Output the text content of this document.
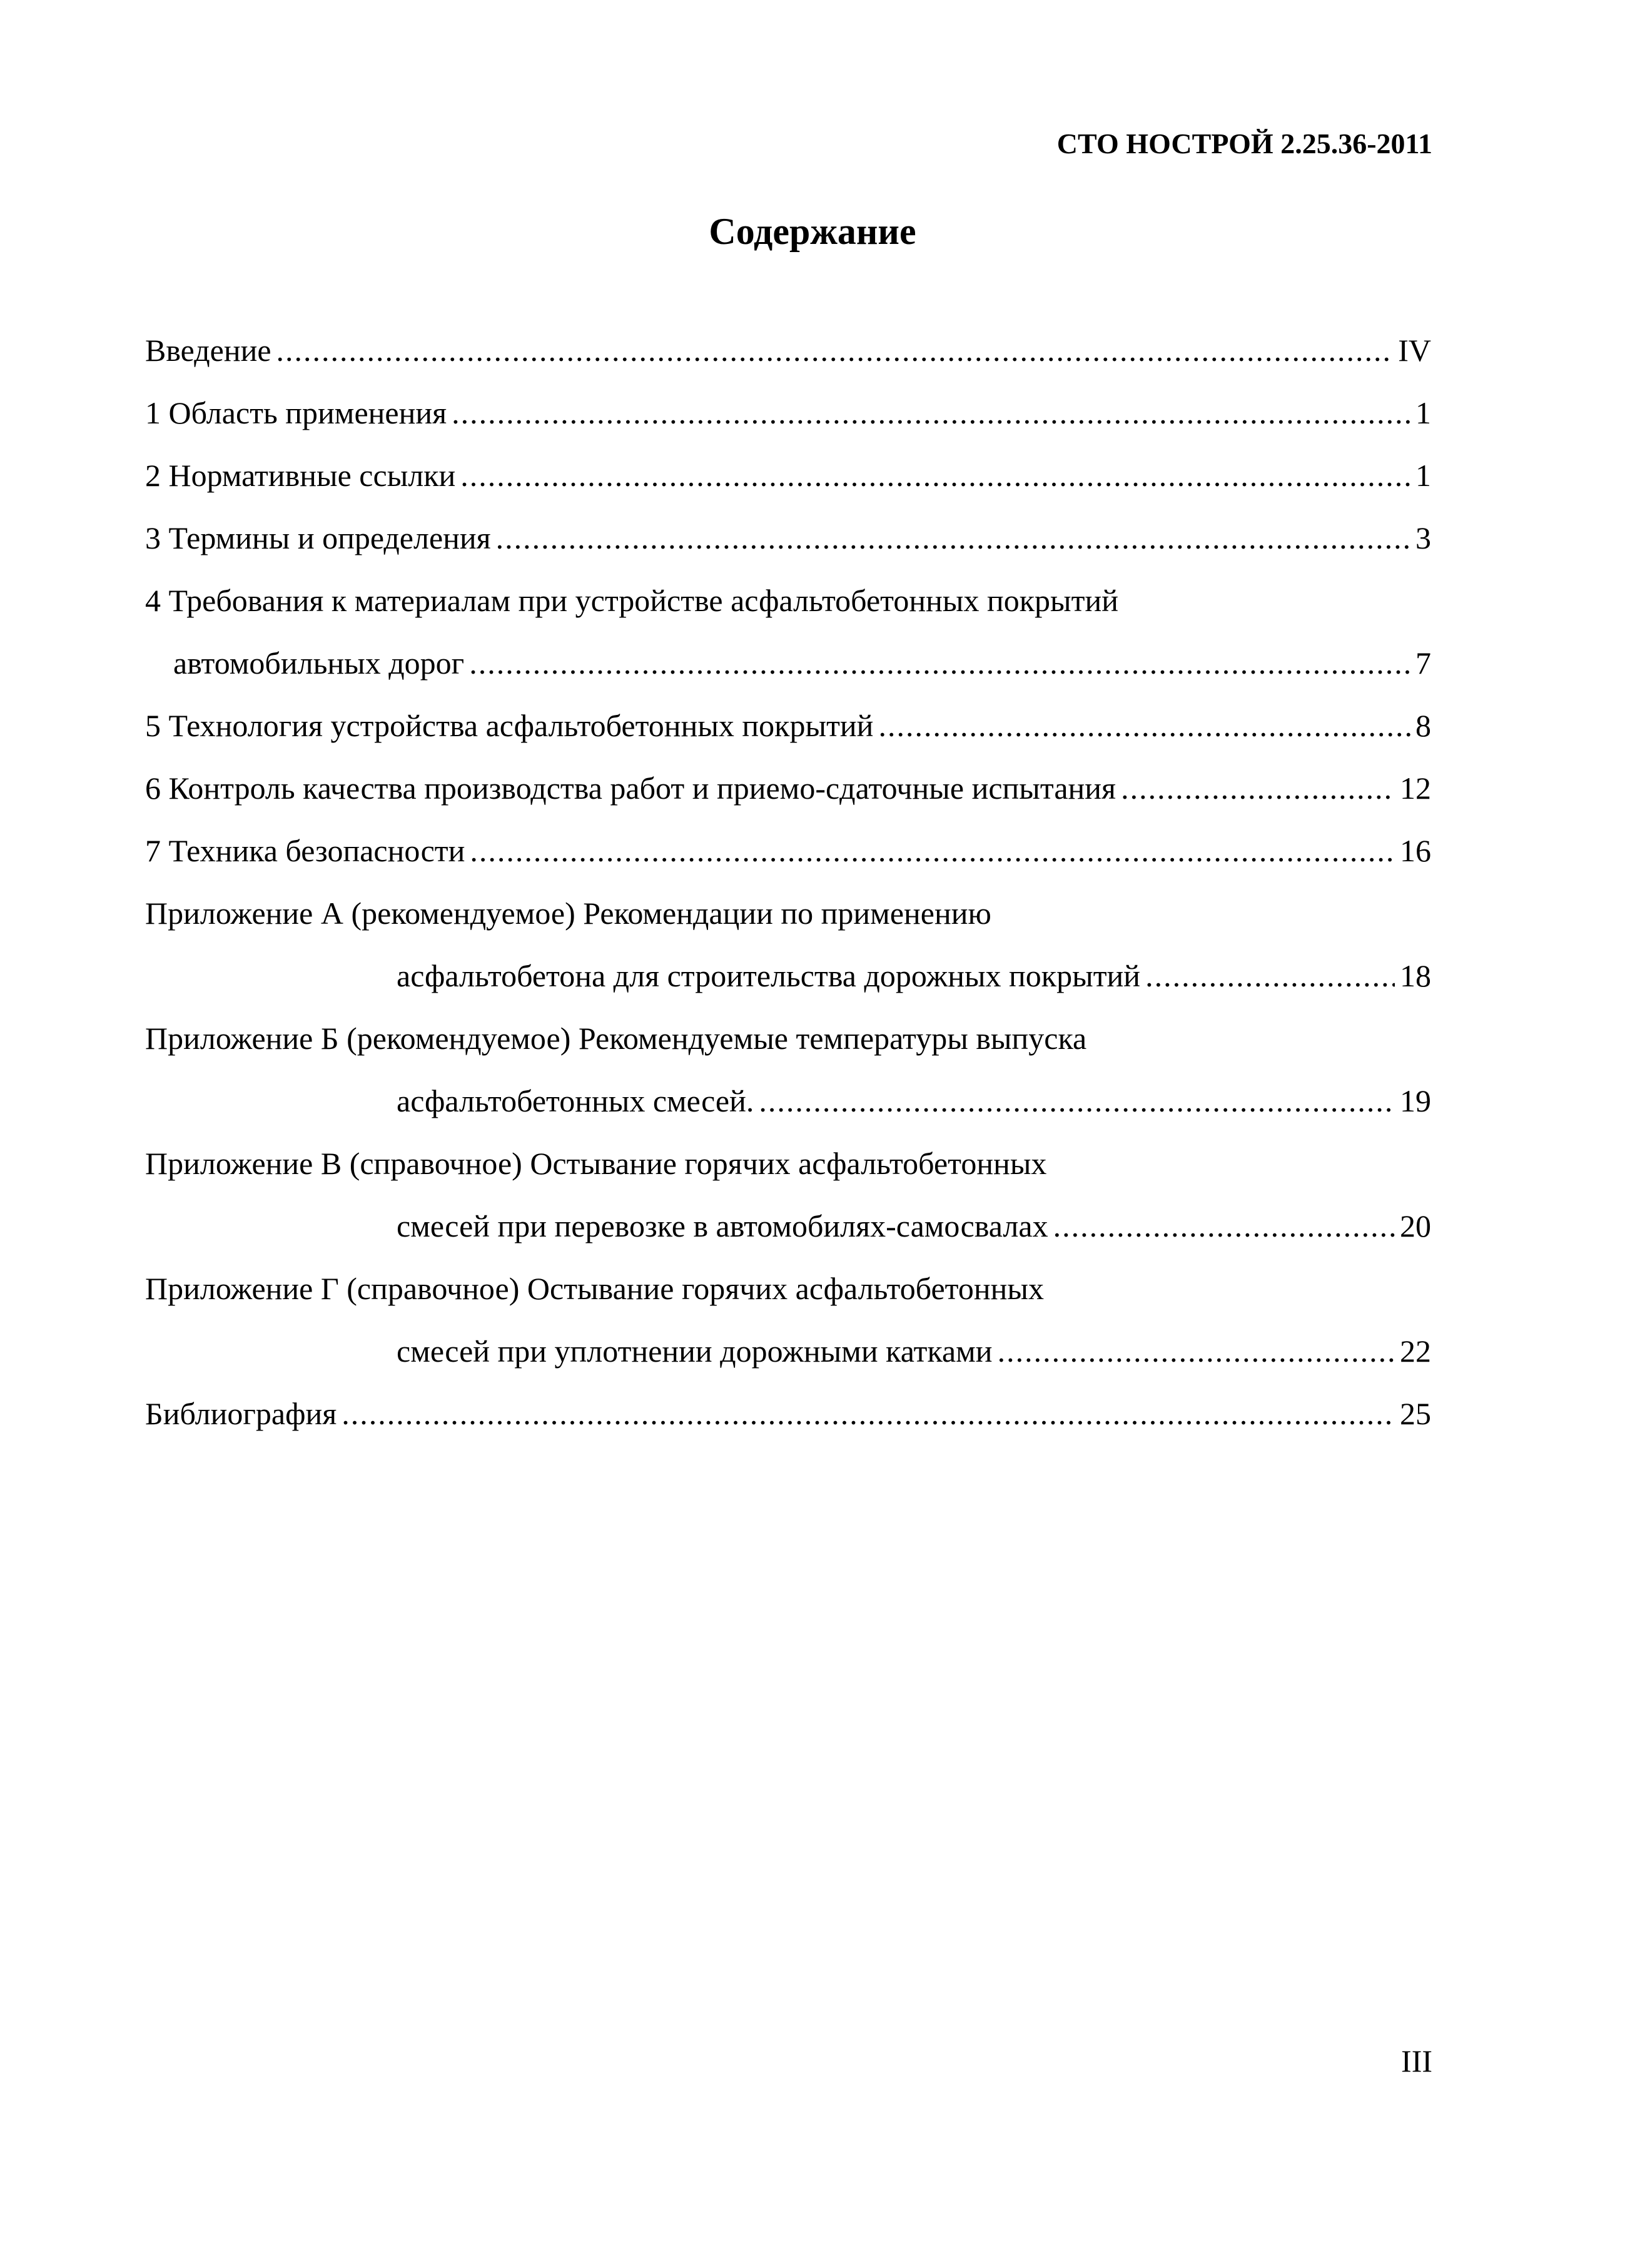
СТО НОСТРОЙ 2.25.36-2011
Содержание
Введение .....	IV
1 Область применения .....	1
2 Нормативные ссылки .....	1
3 Термины и определения .....	3
4 Требования к материалам при устройстве асфальтобетонных покрытий
автомобильных дорог .....	7
5 Технология устройства асфальтобетонных покрытий .....	8
6 Контроль качества производства работ и приемо-сдаточные испытания .....	12
7 Техника безопасности .....	16
Приложение А (рекомендуемое) Рекомендации по применению
асфальтобетона для строительства дорожных покрытий .....	18
Приложение Б (рекомендуемое) Рекомендуемые температуры выпуска
асфальтобетонных смесей. .....	19
Приложение В (справочное) Остывание горячих асфальтобетонных
смесей при перевозке в автомобилях-самосвалах .....	20
Приложение Г (справочное) Остывание горячих асфальтобетонных
смесей при уплотнении дорожными катками .....	22
Библиография .....	25
III
